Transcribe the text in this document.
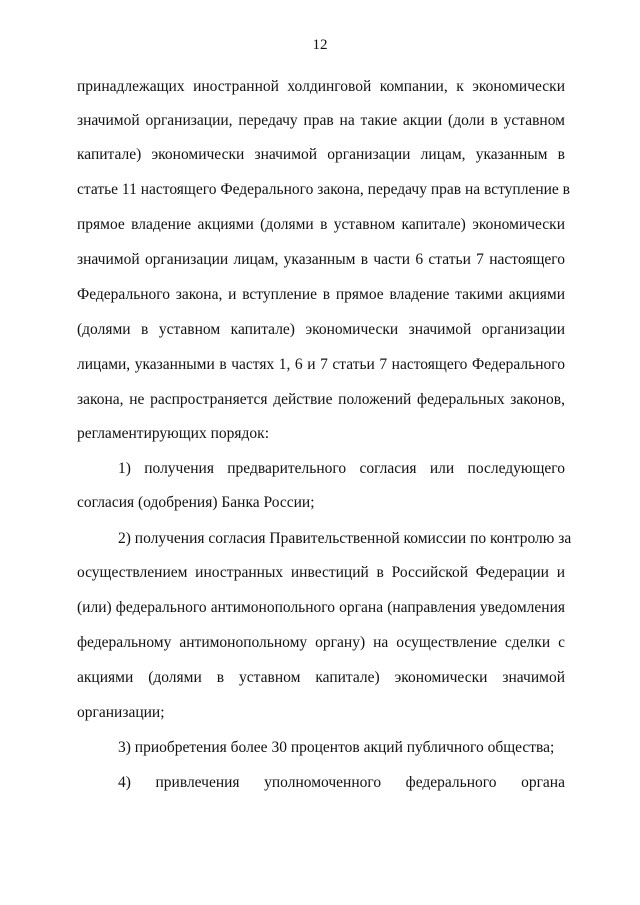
12
принадлежащих иностранной холдинговой компании, к экономически
значимой организации, передачу прав на такие акции (доли в уставном
капитале) экономически значимой организации лицам, указанным в
статье 11 настоящего Федерального закона, передачу прав на вступление в
прямое владение акциями (долями в уставном капитале) экономически
значимой организации лицам, указанным в части 6 статьи 7 настоящего
Федерального закона, и вступление в прямое владение такими акциями
(долями в уставном капитале) экономически значимой организации
лицами, указанными в частях 1, 6 и 7 статьи 7 настоящего Федерального
закона, не распространяется действие положений федеральных законов,
регламентирующих порядок:
1) получения предварительного согласия или последующего
согласия (одобрения) Банка России;
2) получения согласия Правительственной комиссии по контролю за
осуществлением иностранных инвестиций в Российской Федерации и
(или) федерального антимонопольного органа (направления уведомления
федеральному антимонопольному органу) на осуществление сделки с
акциями (долями в уставном капитале) экономически значимой
организации;
3) приобретения более 30 процентов акций публичного общества;
4) привлечения уполномоченного федерального органа
